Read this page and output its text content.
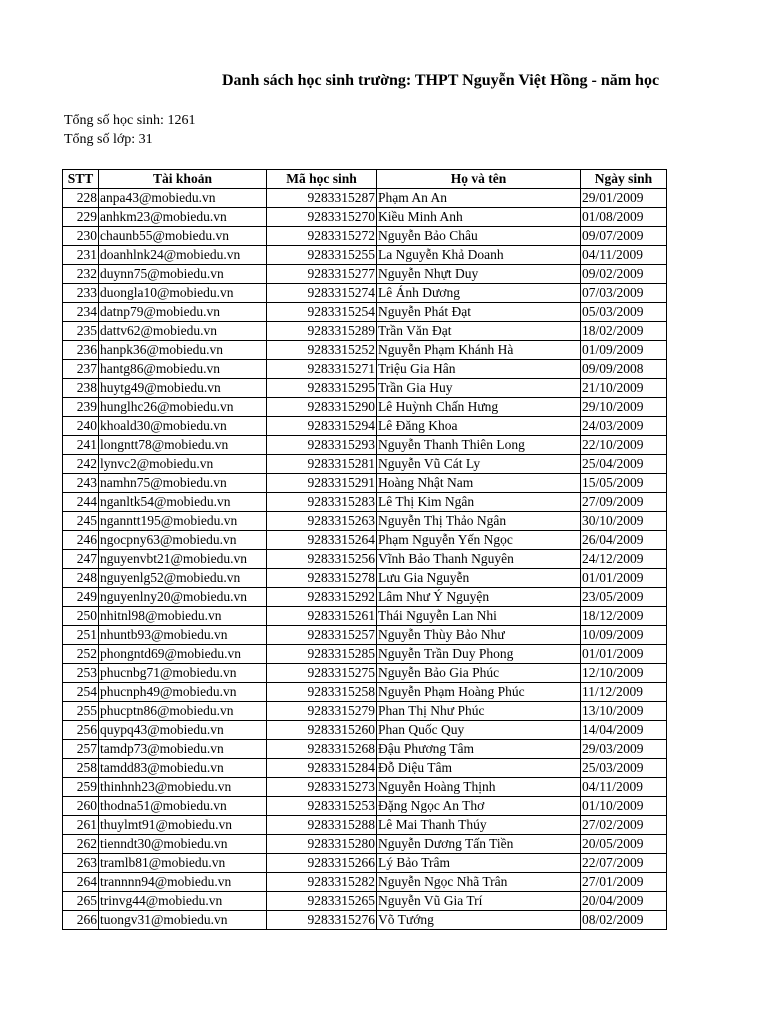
Danh sách học sinh trường: THPT Nguyễn Việt Hồng - năm học
Tổng số học sinh: 1261
Tổng số lớp: 31
STT	Tài khoản	Mã học sinh	Họ và tên	Ngày sinh
228	anpa43@mobiedu.vn	9283315287	Phạm An An	29/01/2009
229	anhkm23@mobiedu.vn	9283315270	Kiều Minh Anh	01/08/2009
230	chaunb55@mobiedu.vn	9283315272	Nguyễn Bảo Châu	09/07/2009
231	doanhlnk24@mobiedu.vn	9283315255	La Nguyễn Khả Doanh	04/11/2009
232	duynn75@mobiedu.vn	9283315277	Nguyễn Nhựt Duy	09/02/2009
233	duongla10@mobiedu.vn	9283315274	Lê Ánh Dương	07/03/2009
234	datnp79@mobiedu.vn	9283315254	Nguyễn Phát Đạt	05/03/2009
235	dattv62@mobiedu.vn	9283315289	Trần Văn Đạt	18/02/2009
236	hanpk36@mobiedu.vn	9283315252	Nguyễn Phạm Khánh Hà	01/09/2009
237	hantg86@mobiedu.vn	9283315271	Triệu Gia Hân	09/09/2008
238	huytg49@mobiedu.vn	9283315295	Trần Gia Huy	21/10/2009
239	hunglhc26@mobiedu.vn	9283315290	Lê Huỳnh Chấn Hưng	29/10/2009
240	khoald30@mobiedu.vn	9283315294	Lê Đăng Khoa	24/03/2009
241	longntt78@mobiedu.vn	9283315293	Nguyễn Thanh Thiên Long	22/10/2009
242	lynvc2@mobiedu.vn	9283315281	Nguyễn Vũ Cát Ly	25/04/2009
243	namhn75@mobiedu.vn	9283315291	Hoàng Nhật Nam	15/05/2009
244	nganltk54@mobiedu.vn	9283315283	Lê Thị Kim Ngân	27/09/2009
245	nganntt195@mobiedu.vn	9283315263	Nguyễn Thị Thảo Ngân	30/10/2009
246	ngocpny63@mobiedu.vn	9283315264	Phạm Nguyễn Yến Ngọc	26/04/2009
247	nguyenvbt21@mobiedu.vn	9283315256	Vĩnh Bảo Thanh Nguyên	24/12/2009
248	nguyenlg52@mobiedu.vn	9283315278	Lưu Gia Nguyễn	01/01/2009
249	nguyenlny20@mobiedu.vn	9283315292	Lâm Như Ý Nguyện	23/05/2009
250	nhitnl98@mobiedu.vn	9283315261	Thái Nguyễn Lan Nhi	18/12/2009
251	nhuntb93@mobiedu.vn	9283315257	Nguyễn Thùy Bảo Như	10/09/2009
252	phongntd69@mobiedu.vn	9283315285	Nguyễn Trần Duy Phong	01/01/2009
253	phucnbg71@mobiedu.vn	9283315275	Nguyễn Bảo Gia Phúc	12/10/2009
254	phucnph49@mobiedu.vn	9283315258	Nguyễn Phạm Hoàng Phúc	11/12/2009
255	phucptn86@mobiedu.vn	9283315279	Phan Thị Như Phúc	13/10/2009
256	quypq43@mobiedu.vn	9283315260	Phan Quốc Quy	14/04/2009
257	tamdp73@mobiedu.vn	9283315268	Đậu Phương Tâm	29/03/2009
258	tamdd83@mobiedu.vn	9283315284	Đỗ Diệu Tâm	25/03/2009
259	thinhnh23@mobiedu.vn	9283315273	Nguyễn Hoàng Thịnh	04/11/2009
260	thodna51@mobiedu.vn	9283315253	Đặng Ngọc An Thơ	01/10/2009
261	thuylmt91@mobiedu.vn	9283315288	Lê Mai Thanh Thúy	27/02/2009
262	tienndt30@mobiedu.vn	9283315280	Nguyễn Dương Tấn Tiền	20/05/2009
263	tramlb81@mobiedu.vn	9283315266	Lý Bảo Trâm	22/07/2009
264	trannnn94@mobiedu.vn	9283315282	Nguyễn Ngọc Nhã Trân	27/01/2009
265	trinvg44@mobiedu.vn	9283315265	Nguyễn Vũ Gia Trí	20/04/2009
266	tuongv31@mobiedu.vn	9283315276	Võ Tướng	08/02/2009
